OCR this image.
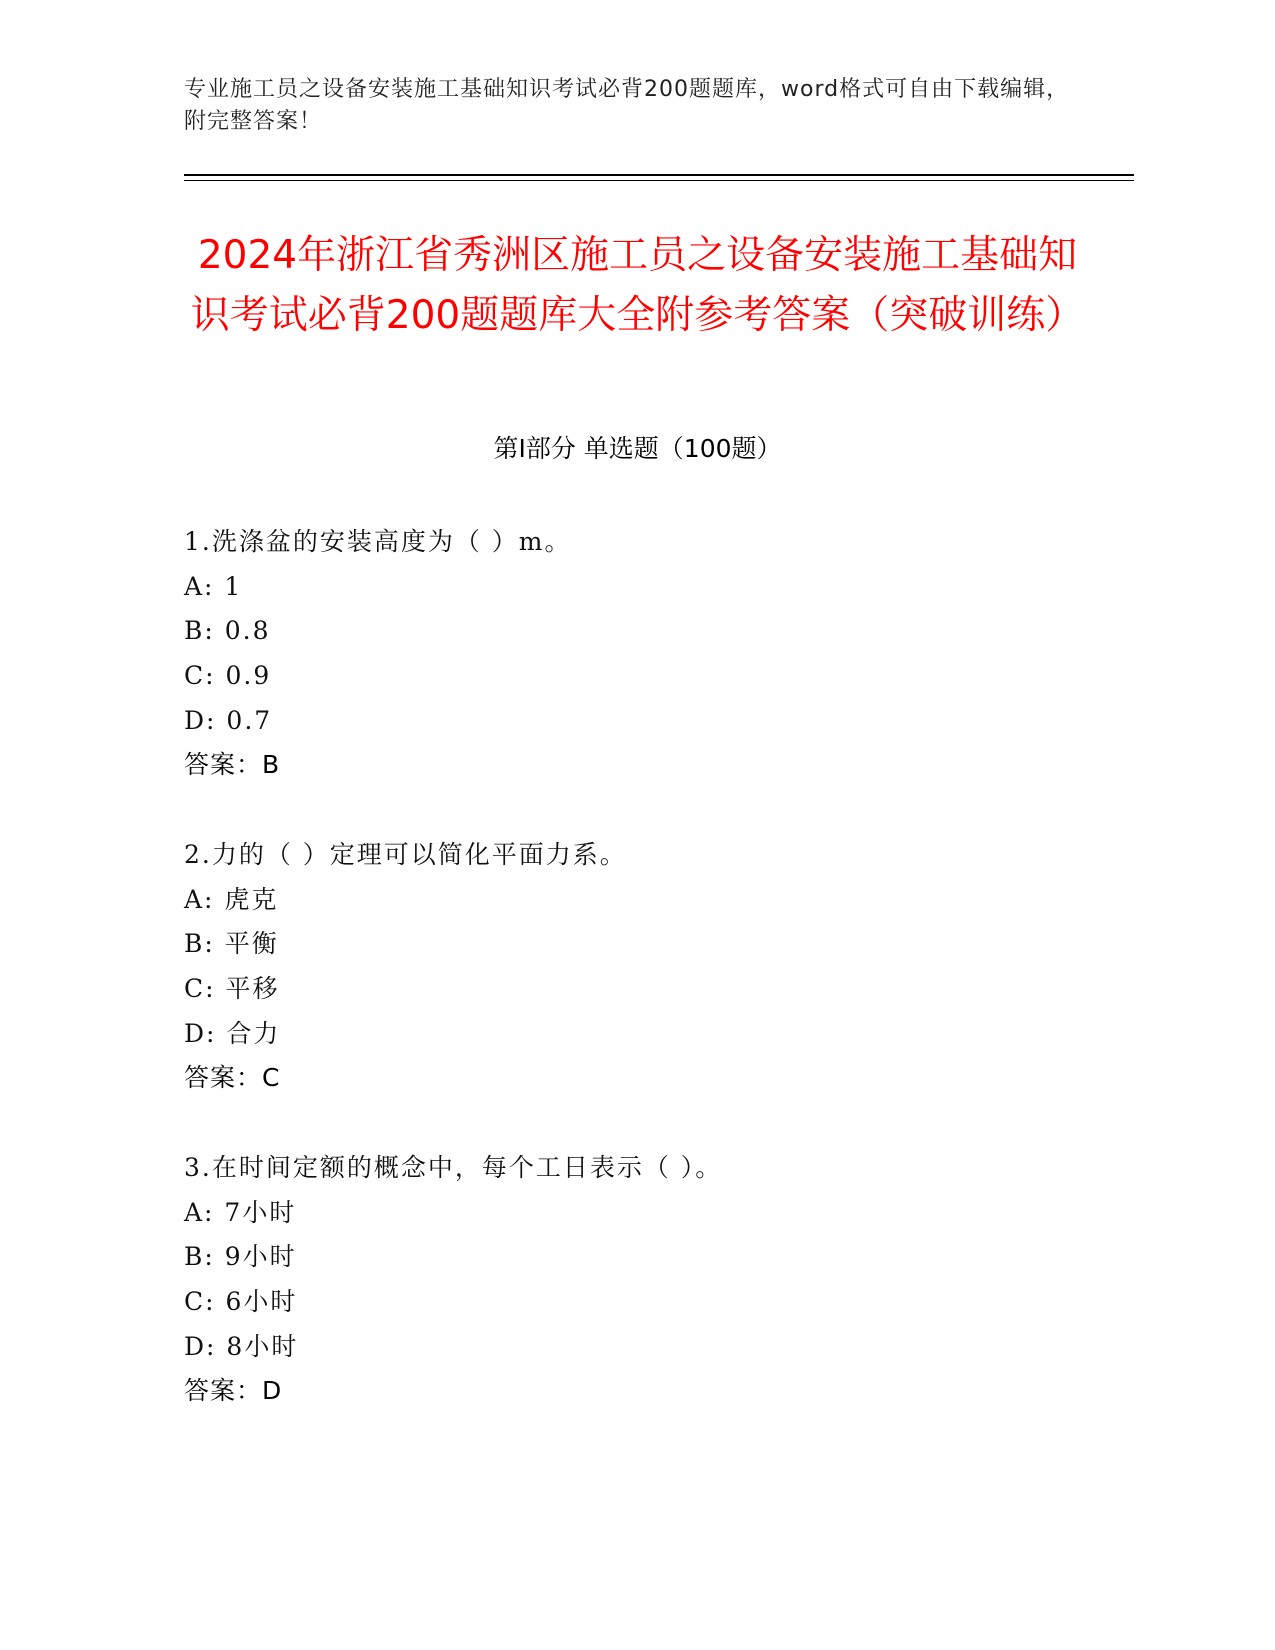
专业施工员之设备安装施工基础知识考试必背200题题库，word格式可自由下载编辑，附完整答案！
2024年浙江省秀洲区施工员之设备安装施工基础知识考试必背200题题库大全附参考答案（突破训练）
第Ⅰ部分 单选题（100题）
1.洗涤盆的安装高度为（ ）m。
A: 1
B: 0.8
C: 0.9
D: 0.7
答案：B
2.力的（ ）定理可以简化平面力系。
A: 虎克
B: 平衡
C: 平移
D: 合力
答案：C
3.在时间定额的概念中，每个工日表示（ ）。
A: 7小时
B: 9小时
C: 6小时
D: 8小时
答案：D
